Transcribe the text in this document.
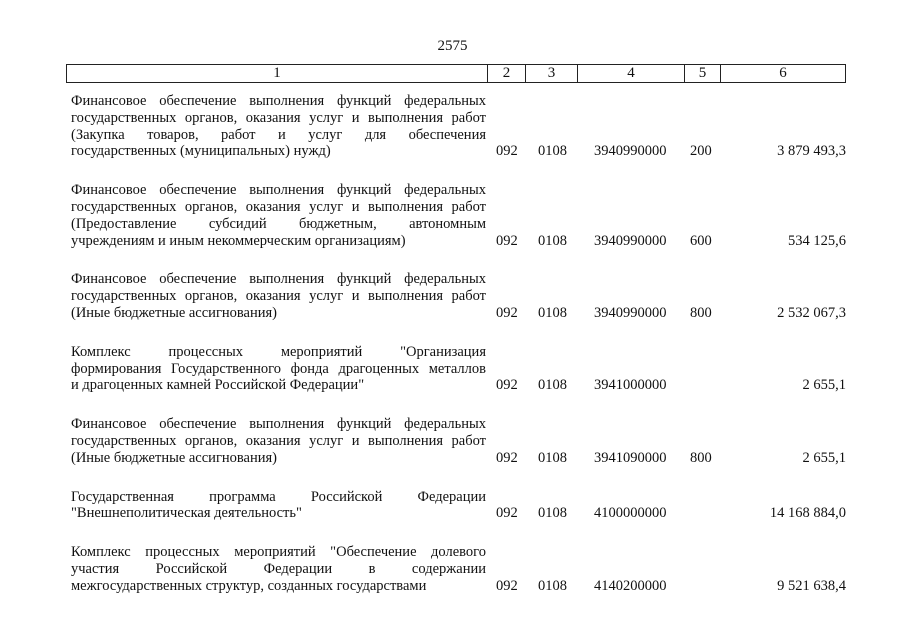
2575
1	2	3	4	5	6
Финансовое обеспечение выполнения функций федеральных
государственных органов, оказания услуг и выполнения работ
(Закупка товаров, работ и услуг для обеспечения
государственных (муниципальных) нужд)	092 0108 3940990000 200	3 879 493,3
Финансовое обеспечение выполнения функций федеральных
государственных органов, оказания услуг и выполнения работ
(Предоставление субсидий бюджетным, автономным
учреждениям и иным некоммерческим организациям)	092 0108 3940990000 600	534 125,6
Финансовое обеспечение выполнения функций федеральных
государственных органов, оказания услуг и выполнения работ
(Иные бюджетные ассигнования)	092 0108 3940990000 800	2 532 067,3
Комплекс процессных мероприятий "Организация
формирования Государственного фонда драгоценных металлов
и драгоценных камней Российской Федерации"	092 0108 3941000000	2 655,1
Финансовое обеспечение выполнения функций федеральных
государственных органов, оказания услуг и выполнения работ
(Иные бюджетные ассигнования)	092 0108 3941090000 800	2 655,1
Государственная программа Российской Федерации
"Внешнеполитическая деятельность"	092 0108 4100000000	14 168 884,0
Комплекс процессных мероприятий "Обеспечение долевого
участия Российской Федерации в содержании
межгосударственных структур, созданных государствами	092 0108 4140200000	9 521 638,4
